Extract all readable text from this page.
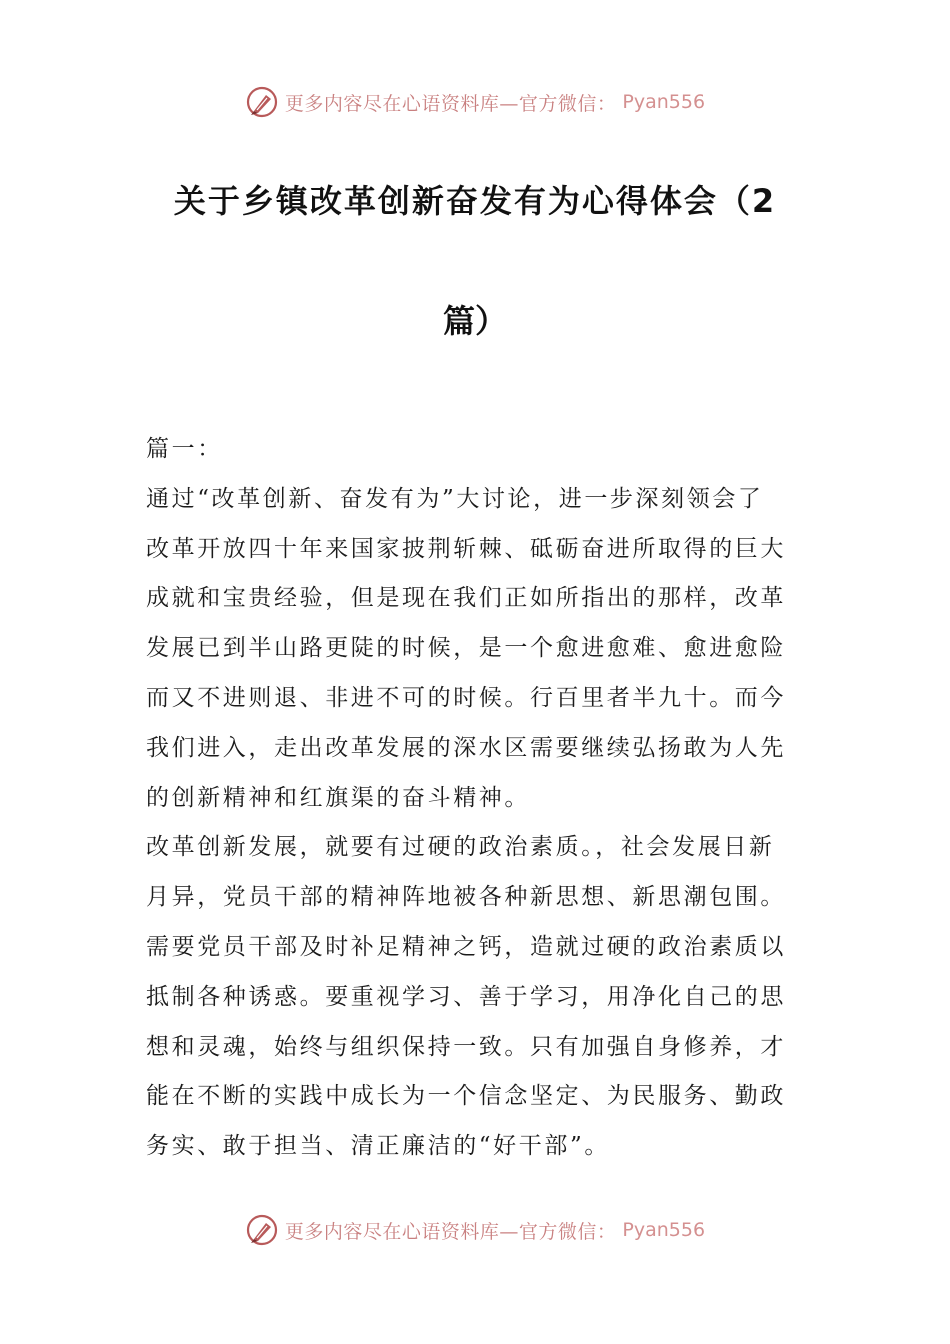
更多内容尽在心语资料库—官方微信： Pyan556
关于乡镇改革创新奋发有为心得体会（2
篇）

篇一：

通过“改革创新、奋发有为”大讨论，进一步深刻领会了

改革开放四十年来国家披荆斩棘、砥砺奋进所取得的巨大

成就和宝贵经验，但是现在我们正如所指出的那样，改革

发展已到半山路更陡的时候，是一个愈进愈难、愈进愈险

而又不进则退、非进不可的时候。行百里者半九十。而今

我们进入，走出改革发展的深水区需要继续弘扬敢为人先

的创新精神和红旗渠的奋斗精神。

改革创新发展，就要有过硬的政治素质。，社会发展日新

月异，党员干部的精神阵地被各种新思想、新思潮包围。

需要党员干部及时补足精神之钙，造就过硬的政治素质以

抵制各种诱惑。要重视学习、善于学习，用净化自己的思

想和灵魂，始终与组织保持一致。只有加强自身修养，才

能在不断的实践中成长为一个信念坚定、为民服务、勤政

务实、敢于担当、清正廉洁的“好干部”。

更多内容尽在心语资料库—官方微信： Pyan556
